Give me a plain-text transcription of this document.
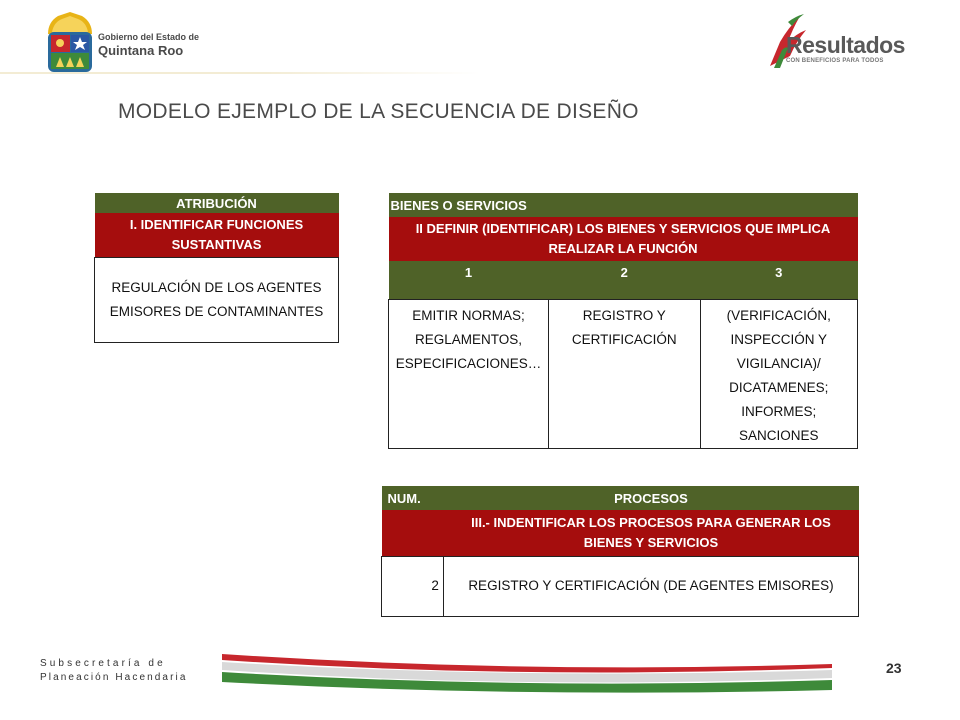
Gobierno del Estado de
Quintana Roo	Resultados
CON BENEFICIOS PARA TODOS
MODELO EJEMPLO DE LA SECUENCIA DE DISEÑO
ATRIBUCIÓN
I. IDENTIFICAR FUNCIONES SUSTANTIVAS
REGULACIÓN DE LOS AGENTES EMISORES DE CONTAMINANTES
BIENES O SERVICIOS		
II DEFINIR (IDENTIFICAR) LOS BIENES Y SERVICIOS QUE IMPLICA REALIZAR LA FUNCIÓN		
1	2	3
EMITIR NORMAS; REGLAMENTOS, ESPECIFICACIONES…	REGISTRO Y CERTIFICACIÓN	(VERIFICACIÓN, INSPECCIÓN Y VIGILANCIA)/ DICATAMENES; INFORMES; SANCIONES
NUM.	PROCESOS
	III.- INDENTIFICAR LOS PROCESOS PARA GENERAR LOS BIENES Y SERVICIOS
2	REGISTRO Y CERTIFICACIÓN (DE AGENTES EMISORES)
Subsecretaría de
Planeación Hacendaria
23
